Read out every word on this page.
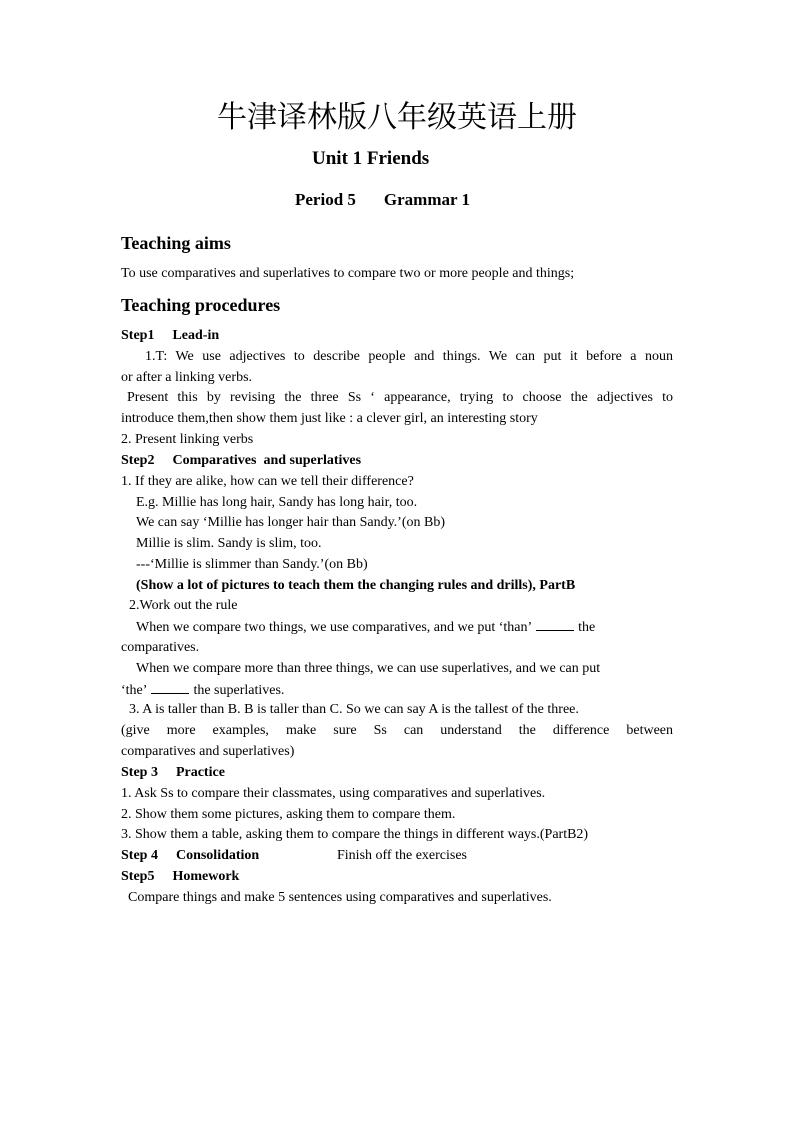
牛津译林版八年级英语上册
Unit 1 Friends
Period 5 Grammar 1
Teaching aims
To use comparatives and superlatives to compare two or more people and things;
Teaching procedures
Step1 Lead-in
1.T: We use adjectives to describe people and things. We can put it before a noun
or after a linking verbs.
Present this by revising the three Ss ‘ appearance, trying to choose the adjectives to
introduce them,then show them just like : a clever girl, an interesting story
2. Present linking verbs
Step2 Comparatives  and superlatives
1. If they are alike, how can we tell their difference?
E.g. Millie has long hair, Sandy has long hair, too.
We can say ‘Millie has longer hair than Sandy.’(on Bb)
Millie is slim. Sandy is slim, too.
---‘Millie is slimmer than Sandy.’(on Bb)
(Show a lot of pictures to teach them the changing rules and drills), PartB
2.Work out the rule
When we compare two things, we use comparatives, and we put ‘than’	the
comparatives.
When we compare more than three things, we can use superlatives, and we can put
‘the’	the superlatives.
3. A is taller than B. B is taller than C. So we can say A is the tallest of the three.
(give more examples, make sure Ss can understand the difference between
comparatives and superlatives)
Step 3 Practice
1. Ask Ss to compare their classmates, using comparatives and superlatives.
2. Show them some pictures, asking them to compare them.
3. Show them a table, asking them to compare the things in different ways.(PartB2)
Step 4 Consolidation	Finish off the exercises
Step5 Homework
Compare things and make 5 sentences using comparatives and superlatives.
